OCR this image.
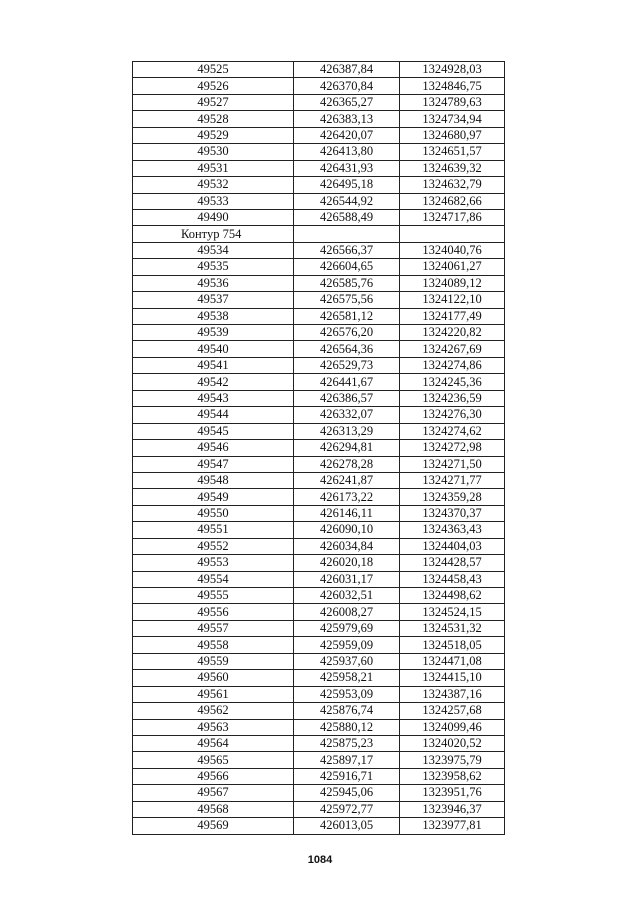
49525	426387,84	1324928,03
49526	426370,84	1324846,75
49527	426365,27	1324789,63
49528	426383,13	1324734,94
49529	426420,07	1324680,97
49530	426413,80	1324651,57
49531	426431,93	1324639,32
49532	426495,18	1324632,79
49533	426544,92	1324682,66
49490	426588,49	1324717,86
Контур 754		
49534	426566,37	1324040,76
49535	426604,65	1324061,27
49536	426585,76	1324089,12
49537	426575,56	1324122,10
49538	426581,12	1324177,49
49539	426576,20	1324220,82
49540	426564,36	1324267,69
49541	426529,73	1324274,86
49542	426441,67	1324245,36
49543	426386,57	1324236,59
49544	426332,07	1324276,30
49545	426313,29	1324274,62
49546	426294,81	1324272,98
49547	426278,28	1324271,50
49548	426241,87	1324271,77
49549	426173,22	1324359,28
49550	426146,11	1324370,37
49551	426090,10	1324363,43
49552	426034,84	1324404,03
49553	426020,18	1324428,57
49554	426031,17	1324458,43
49555	426032,51	1324498,62
49556	426008,27	1324524,15
49557	425979,69	1324531,32
49558	425959,09	1324518,05
49559	425937,60	1324471,08
49560	425958,21	1324415,10
49561	425953,09	1324387,16
49562	425876,74	1324257,68
49563	425880,12	1324099,46
49564	425875,23	1324020,52
49565	425897,17	1323975,79
49566	425916,71	1323958,62
49567	425945,06	1323951,76
49568	425972,77	1323946,37
49569	426013,05	1323977,81
1084
